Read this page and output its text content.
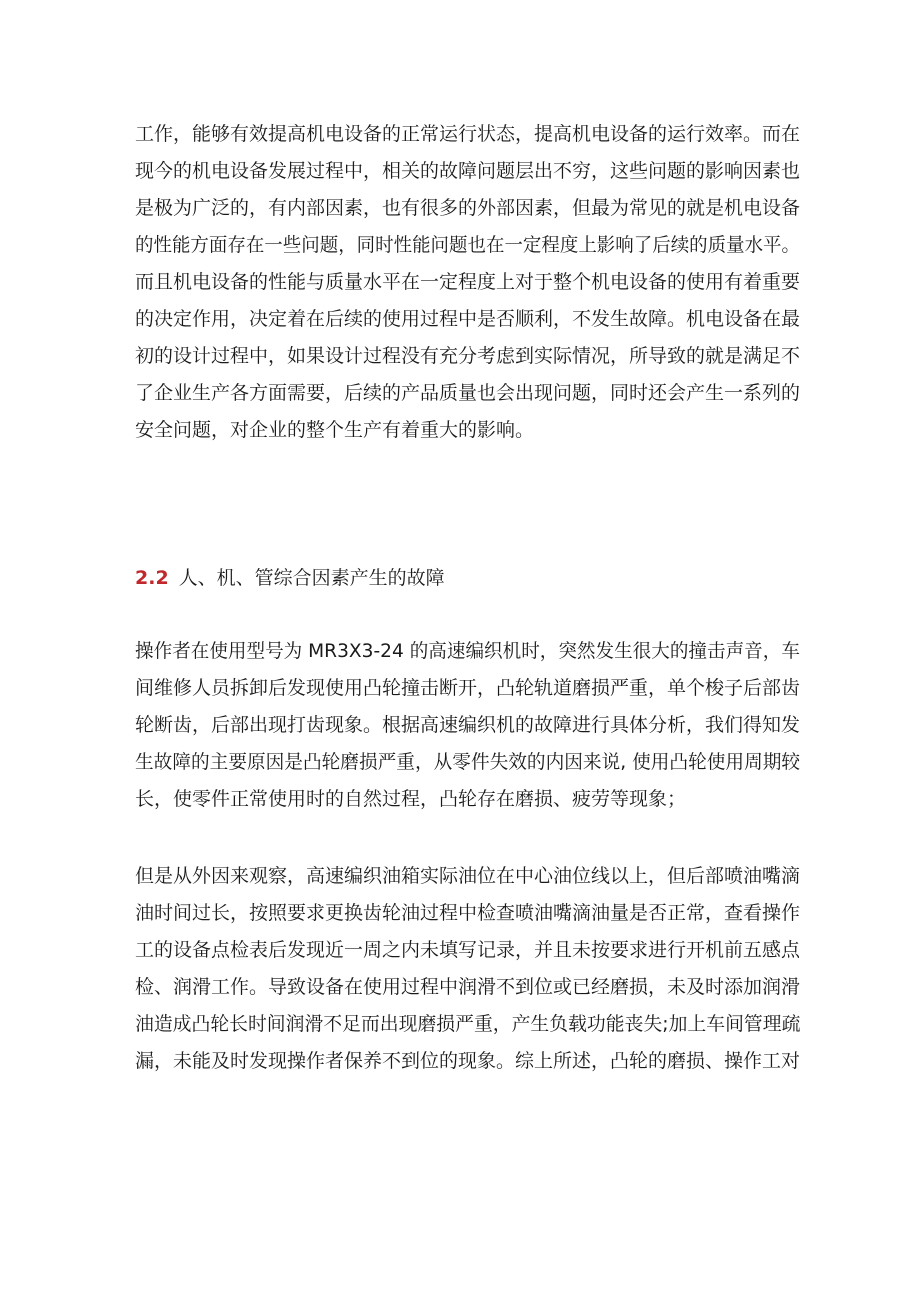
工作，能够有效提高机电设备的正常运行状态，提高机电设备的运行效率。而在
现今的机电设备发展过程中，相关的故障问题层出不穷，这些问题的影响因素也
是极为广泛的，有内部因素，也有很多的外部因素，但最为常见的就是机电设备
的性能方面存在一些问题，同时性能问题也在一定程度上影响了后续的质量水平。
而且机电设备的性能与质量水平在一定程度上对于整个机电设备的使用有着重要
的决定作用，决定着在后续的使用过程中是否顺利，不发生故障。机电设备在最
初的设计过程中，如果设计过程没有充分考虑到实际情况，所导致的就是满足不
了企业生产各方面需要，后续的产品质量也会出现问题，同时还会产生一系列的
安全问题，对企业的整个生产有着重大的影响。
2.2 人、机、管综合因素产生的故障
操作者在使用型号为 MR3X3-24 的高速编织机时，突然发生很大的撞击声音，车
间维修人员拆卸后发现使用凸轮撞击断开，凸轮轨道磨损严重，单个梭子后部齿
轮断齿，后部出现打齿现象。根据高速编织机的故障进行具体分析，我们得知发
生故障的主要原因是凸轮磨损严重，从零件失效的内因来说, 使用凸轮使用周期较
长，使零件正常使用时的自然过程，凸轮存在磨损、疲劳等现象；
但是从外因来观察，高速编织油箱实际油位在中心油位线以上，但后部喷油嘴滴
油时间过长，按照要求更换齿轮油过程中检查喷油嘴滴油量是否正常，查看操作
工的设备点检表后发现近一周之内未填写记录，并且未按要求进行开机前五感点
检、润滑工作。导致设备在使用过程中润滑不到位或已经磨损，未及时添加润滑
油造成凸轮长时间润滑不足而出现磨损严重，产生负载功能丧失;加上车间管理疏
漏，未能及时发现操作者保养不到位的现象。综上所述，凸轮的磨损、操作工对
